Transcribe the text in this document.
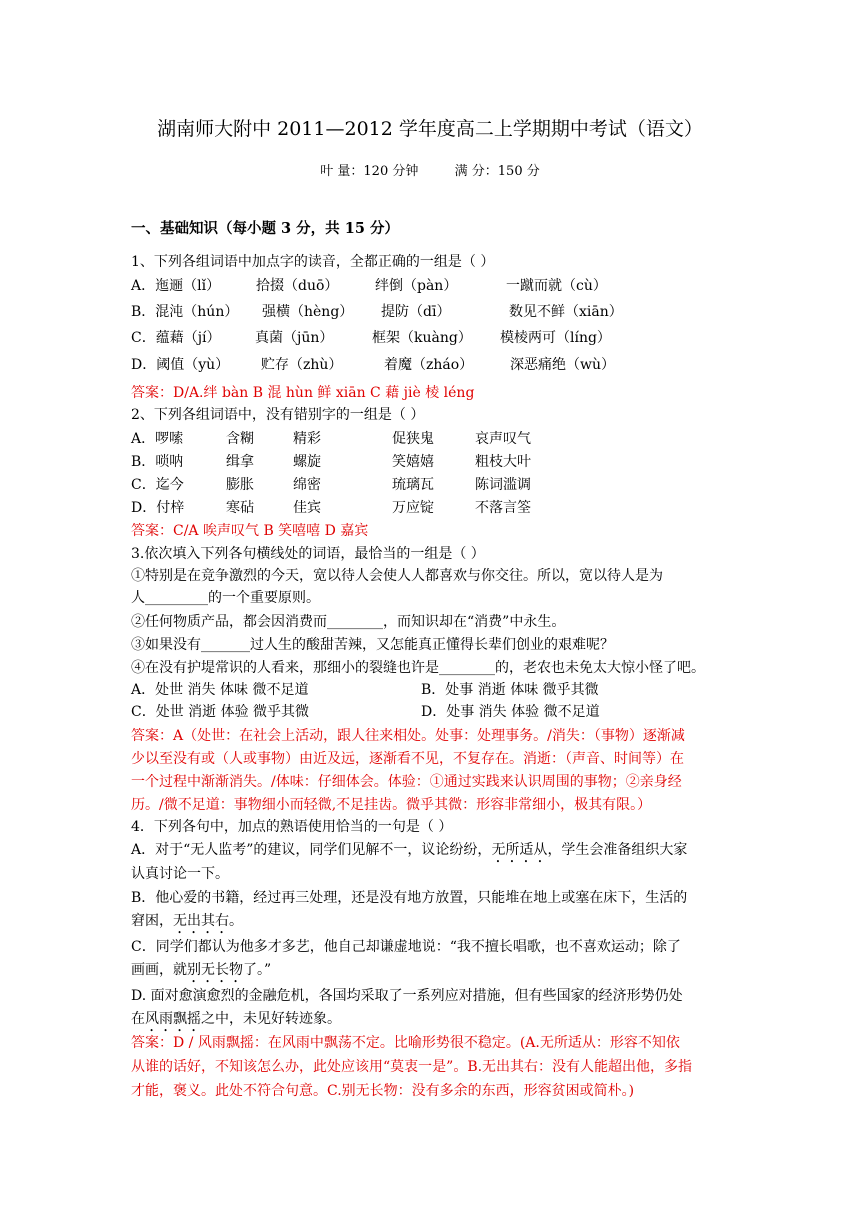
湖南师大附中 2011—2012 学年度高二上学期期中考试（语文）
叶 量：120 分钟	满 分：150 分
一、基础知识（每小题 3 分，共 15 分）
1、下列各组词语中加点字的读音，全都正确的一组是（ ）
A．迤逦（lǐ）	拾掇（duō）	绊倒（pàn）	一蹴而就（cù）
B．混沌（hún） 强横（hèng） 提防（dī）	数见不鲜（xiān）
C．蕴藉（jí） 真菌（jūn）	框架（kuàng） 模棱两可（líng）
D．阈值（yù） 贮存（zhù）	着魔（zháo）	深恶痛绝（wù）
答案：D/A.绊 bàn B 混 hùn 鲜 xiān C 藉 jiè 棱 léng
2、下列各组词语中，没有错别字的一组是（ ）
A．啰嗦	含糊	精彩	促狭鬼	哀声叹气
B．唢呐	缉拿	螺旋	笑嬉嬉	粗枝大叶
C．迄今	膨胀	绵密	琉璃瓦	陈词滥调
D．付梓	寒砧	佳宾	万应锭	不落言筌
答案：C/A 唉声叹气 B 笑嘻嘻 D 嘉宾
3.依次填入下列各句横线处的词语，最恰当的一组是（ ）
①特别是在竞争激烈的今天，宽以待人会使人人都喜欢与你交往。所以，宽以待人是为
人_________的一个重要原则。
②任何物质产品，都会因消费而________，而知识却在“消费”中永生。
③如果没有_______过人生的酸甜苦辣，又怎能真正懂得长辈们创业的艰难呢？
④在没有护堤常识的人看来，那细小的裂缝也许是________的，老农也未免太大惊小怪了吧。
A．处世 消失 体味 微不足道	B．处事 消逝 体味 微乎其微
C．处世 消逝 体验 微乎其微	D．处事 消失 体验 微不足道
答案：A（处世：在社会上活动，跟人往来相处。处事：处理事务。/消失：（事物）逐渐减
少以至没有或（人或事物）由近及远，逐渐看不见，不复存在。消逝：（声音、时间等）在
一个过程中渐渐消失。/体味：仔细体会。体验：①通过实践来认识周围的事物；②亲身经
历。/微不足道：事物细小而轻微,不足挂齿。微乎其微：形容非常细小，极其有限。）
4．下列各句中，加点的熟语使用恰当的一句是（ ）
A．对于“无人监考”的建议，同学们见解不一，议论纷纷，无所适从，学生会准备组织大家
认真讨论一下。
B．他心爱的书籍，经过再三处理，还是没有地方放置，只能堆在地上或塞在床下，生活的
窘困，无出其右。
C．同学们都认为他多才多艺，他自己却谦虚地说：“我不擅长唱歌，也不喜欢运动；除了
画画，就别无长物了。”
D. 面对愈演愈烈的金融危机，各国均采取了一系列应对措施，但有些国家的经济形势仍处
在风雨飘摇之中，未见好转迹象。
答案：D / 风雨飘摇：在风雨中飘荡不定。比喻形势很不稳定。(A.无所适从：形容不知依
从谁的话好，不知该怎么办，此处应该用“莫衷一是”。B.无出其右：没有人能超出他，多指
才能，褒义。此处不符合句意。C.别无长物：没有多余的东西，形容贫困或简朴。)
